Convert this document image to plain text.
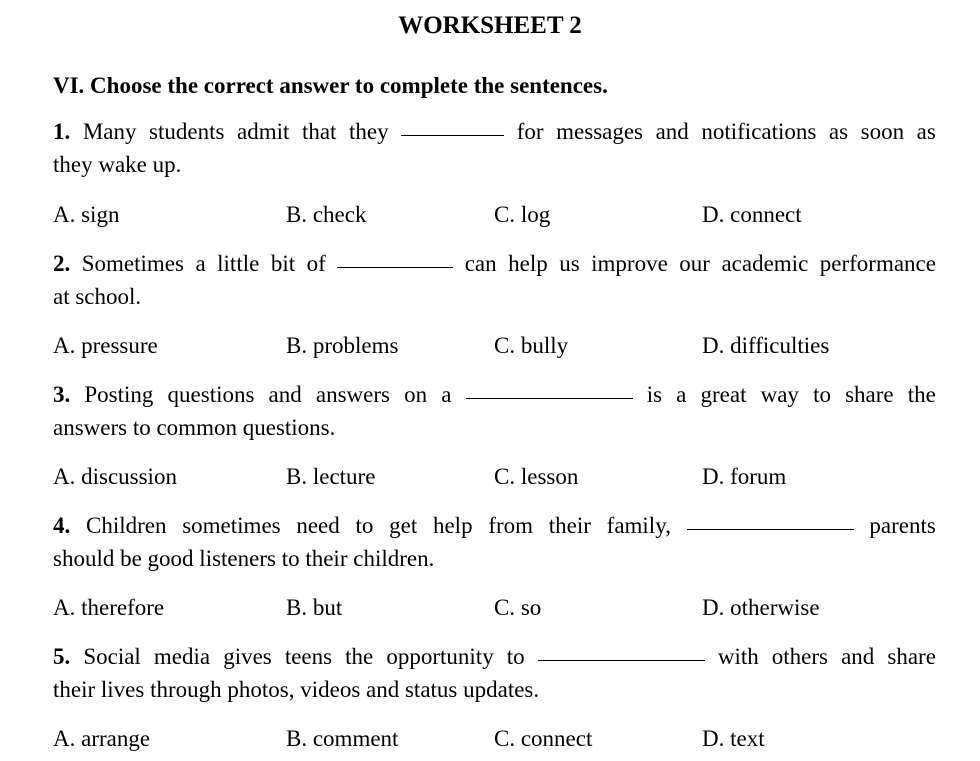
WORKSHEET 2
VI. Choose the correct answer to complete the sentences.
1. Many students admit that they	for messages and notifications as soon as
they wake up.
A. sign	B. check	C. log	D. connect
2. Sometimes a little bit of	can help us improve our academic performance
at school.
A. pressure	B. problems	C. bully	D. difficulties
3. Posting questions and answers on a	is a great way to share the
answers to common questions.
A. discussion	B. lecture	C. lesson	D. forum
4. Children sometimes need to get help from their family,	parents
should be good listeners to their children.
A. therefore	B. but	C. so	D. otherwise
5. Social media gives teens the opportunity to	with others and share
their lives through photos, videos and status updates.
A. arrange	B. comment	C. connect	D. text
